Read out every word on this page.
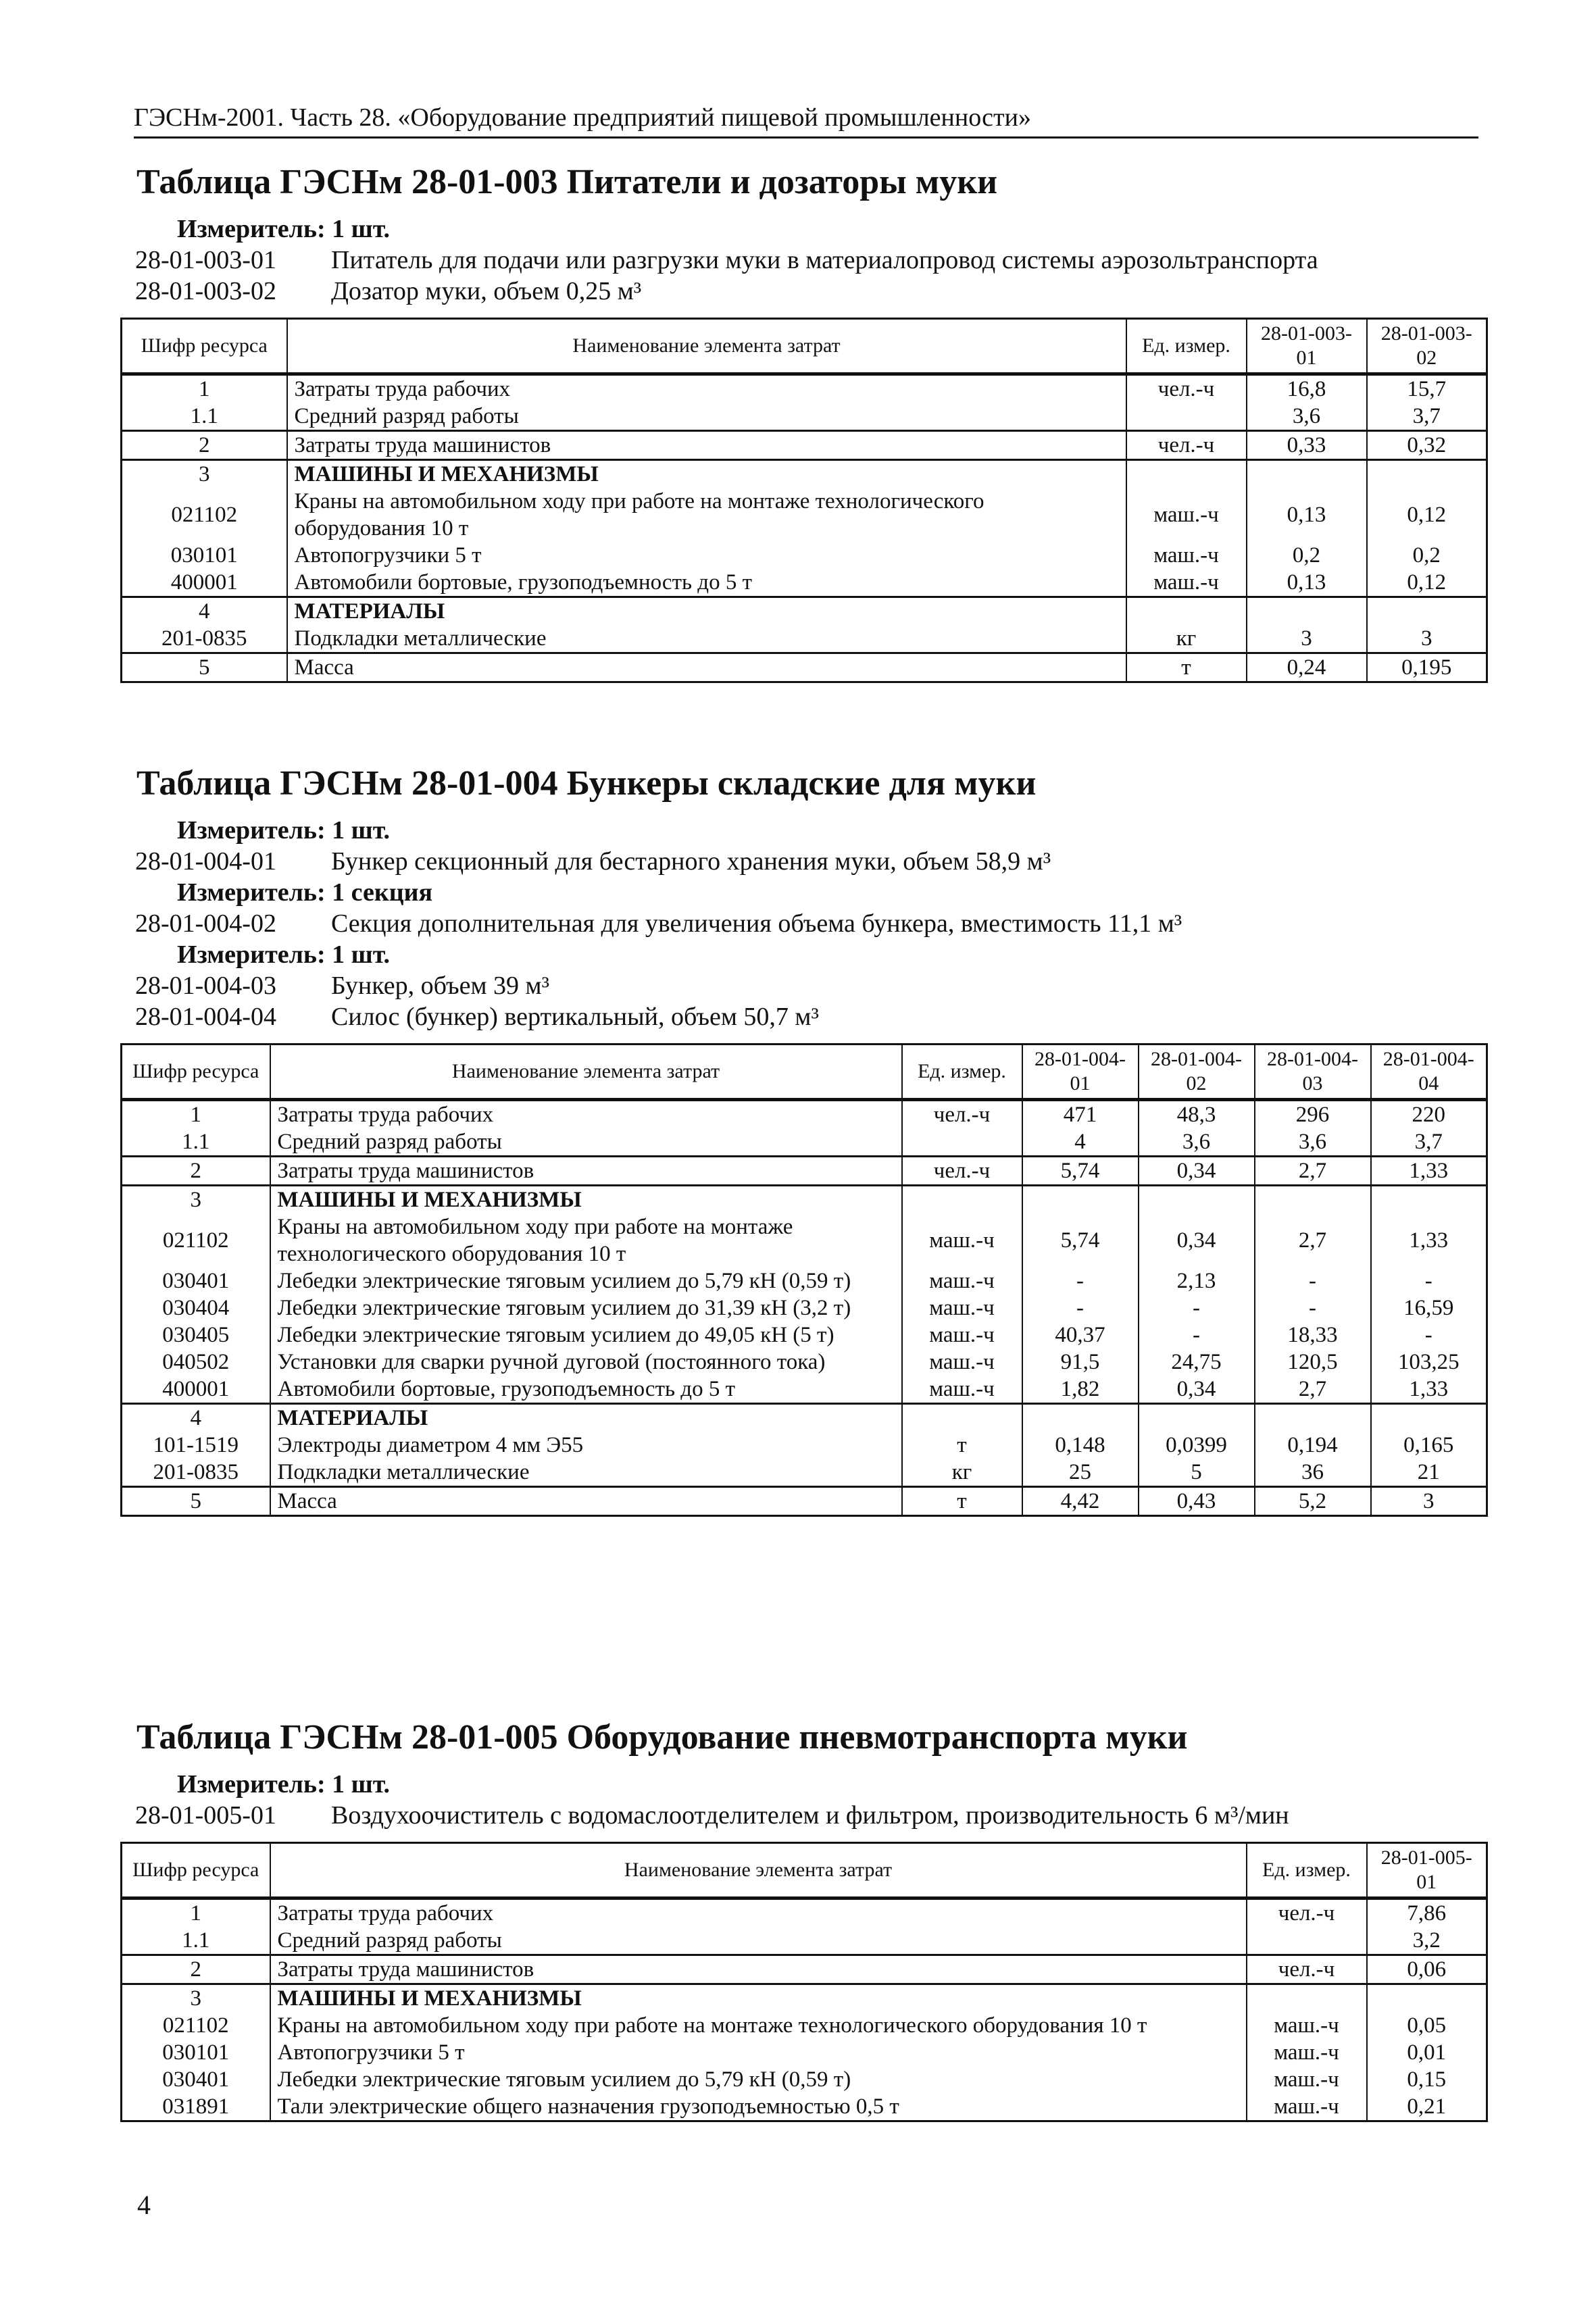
ГЭСНм-2001. Часть 28. «Оборудование предприятий пищевой промышленности»
Таблица ГЭСНм 28-01-003 Питатели и дозаторы муки
Измеритель: 1 шт.
28-01-003-01	Питатель для подачи или разгрузки муки в материалопровод системы аэрозольтранспорта
28-01-003-02	Дозатор муки, объем 0,25 м³
Шифр ресурса	Наименование элемента затрат	Ед. измер.	28-01-003-01	28-01-003-02
1	Затраты труда рабочих	чел.-ч	16,8	15,7
1.1	Средний разряд работы		3,6	3,7
2	Затраты труда машинистов	чел.-ч	0,33	0,32
3	МАШИНЫ И МЕХАНИЗМЫ			
021102	Краны на автомобильном ходу при работе на монтаже технологического оборудования 10 т	маш.-ч	0,13	0,12
030101	Автопогрузчики 5 т	маш.-ч	0,2	0,2
400001	Автомобили бортовые, грузоподъемность до 5 т	маш.-ч	0,13	0,12
4	МАТЕРИАЛЫ			
201-0835	Подкладки металлические	кг	3	3
5	Масса	т	0,24	0,195
Таблица ГЭСНм 28-01-004 Бункеры складские для муки
Измеритель: 1 шт.
28-01-004-01	Бункер секционный для бестарного хранения муки, объем 58,9 м³
Измеритель: 1 секция
28-01-004-02	Секция дополнительная для увеличения объема бункера, вместимость 11,1 м³
Измеритель: 1 шт.
28-01-004-03	Бункер, объем 39 м³
28-01-004-04	Силос (бункер) вертикальный, объем 50,7 м³
Шифр ресурса	Наименование элемента затрат	Ед. измер.	28-01-004-01	28-01-004-02	28-01-004-03	28-01-004-04
1	Затраты труда рабочих	чел.-ч	471	48,3	296	220
1.1	Средний разряд работы		4	3,6	3,6	3,7
2	Затраты труда машинистов	чел.-ч	5,74	0,34	2,7	1,33
3	МАШИНЫ И МЕХАНИЗМЫ					
021102	Краны на автомобильном ходу при работе на монтаже технологического оборудования 10 т	маш.-ч	5,74	0,34	2,7	1,33
030401	Лебедки электрические тяговым усилием до 5,79 кН (0,59 т)	маш.-ч	-	2,13	-	-
030404	Лебедки электрические тяговым усилием до 31,39 кН (3,2 т)	маш.-ч	-	-	-	16,59
030405	Лебедки электрические тяговым усилием до 49,05 кН (5 т)	маш.-ч	40,37	-	18,33	-
040502	Установки для сварки ручной дуговой (постоянного тока)	маш.-ч	91,5	24,75	120,5	103,25
400001	Автомобили бортовые, грузоподъемность до 5 т	маш.-ч	1,82	0,34	2,7	1,33
4	МАТЕРИАЛЫ					
101-1519	Электроды диаметром 4 мм Э55	т	0,148	0,0399	0,194	0,165
201-0835	Подкладки металлические	кг	25	5	36	21
5	Масса	т	4,42	0,43	5,2	3
Таблица ГЭСНм 28-01-005 Оборудование пневмотранспорта муки
Измеритель: 1 шт.
28-01-005-01	Воздухоочиститель с водомаслоотделителем и фильтром, производительность 6 м³/мин
Шифр ресурса	Наименование элемента затрат	Ед. измер.	28-01-005-01
1	Затраты труда рабочих	чел.-ч	7,86
1.1	Средний разряд работы		3,2
2	Затраты труда машинистов	чел.-ч	0,06
3	МАШИНЫ И МЕХАНИЗМЫ		
021102	Краны на автомобильном ходу при работе на монтаже технологического оборудования 10 т	маш.-ч	0,05
030101	Автопогрузчики 5 т	маш.-ч	0,01
030401	Лебедки электрические тяговым усилием до 5,79 кН (0,59 т)	маш.-ч	0,15
031891	Тали электрические общего назначения грузоподъемностью 0,5 т	маш.-ч	0,21
4
